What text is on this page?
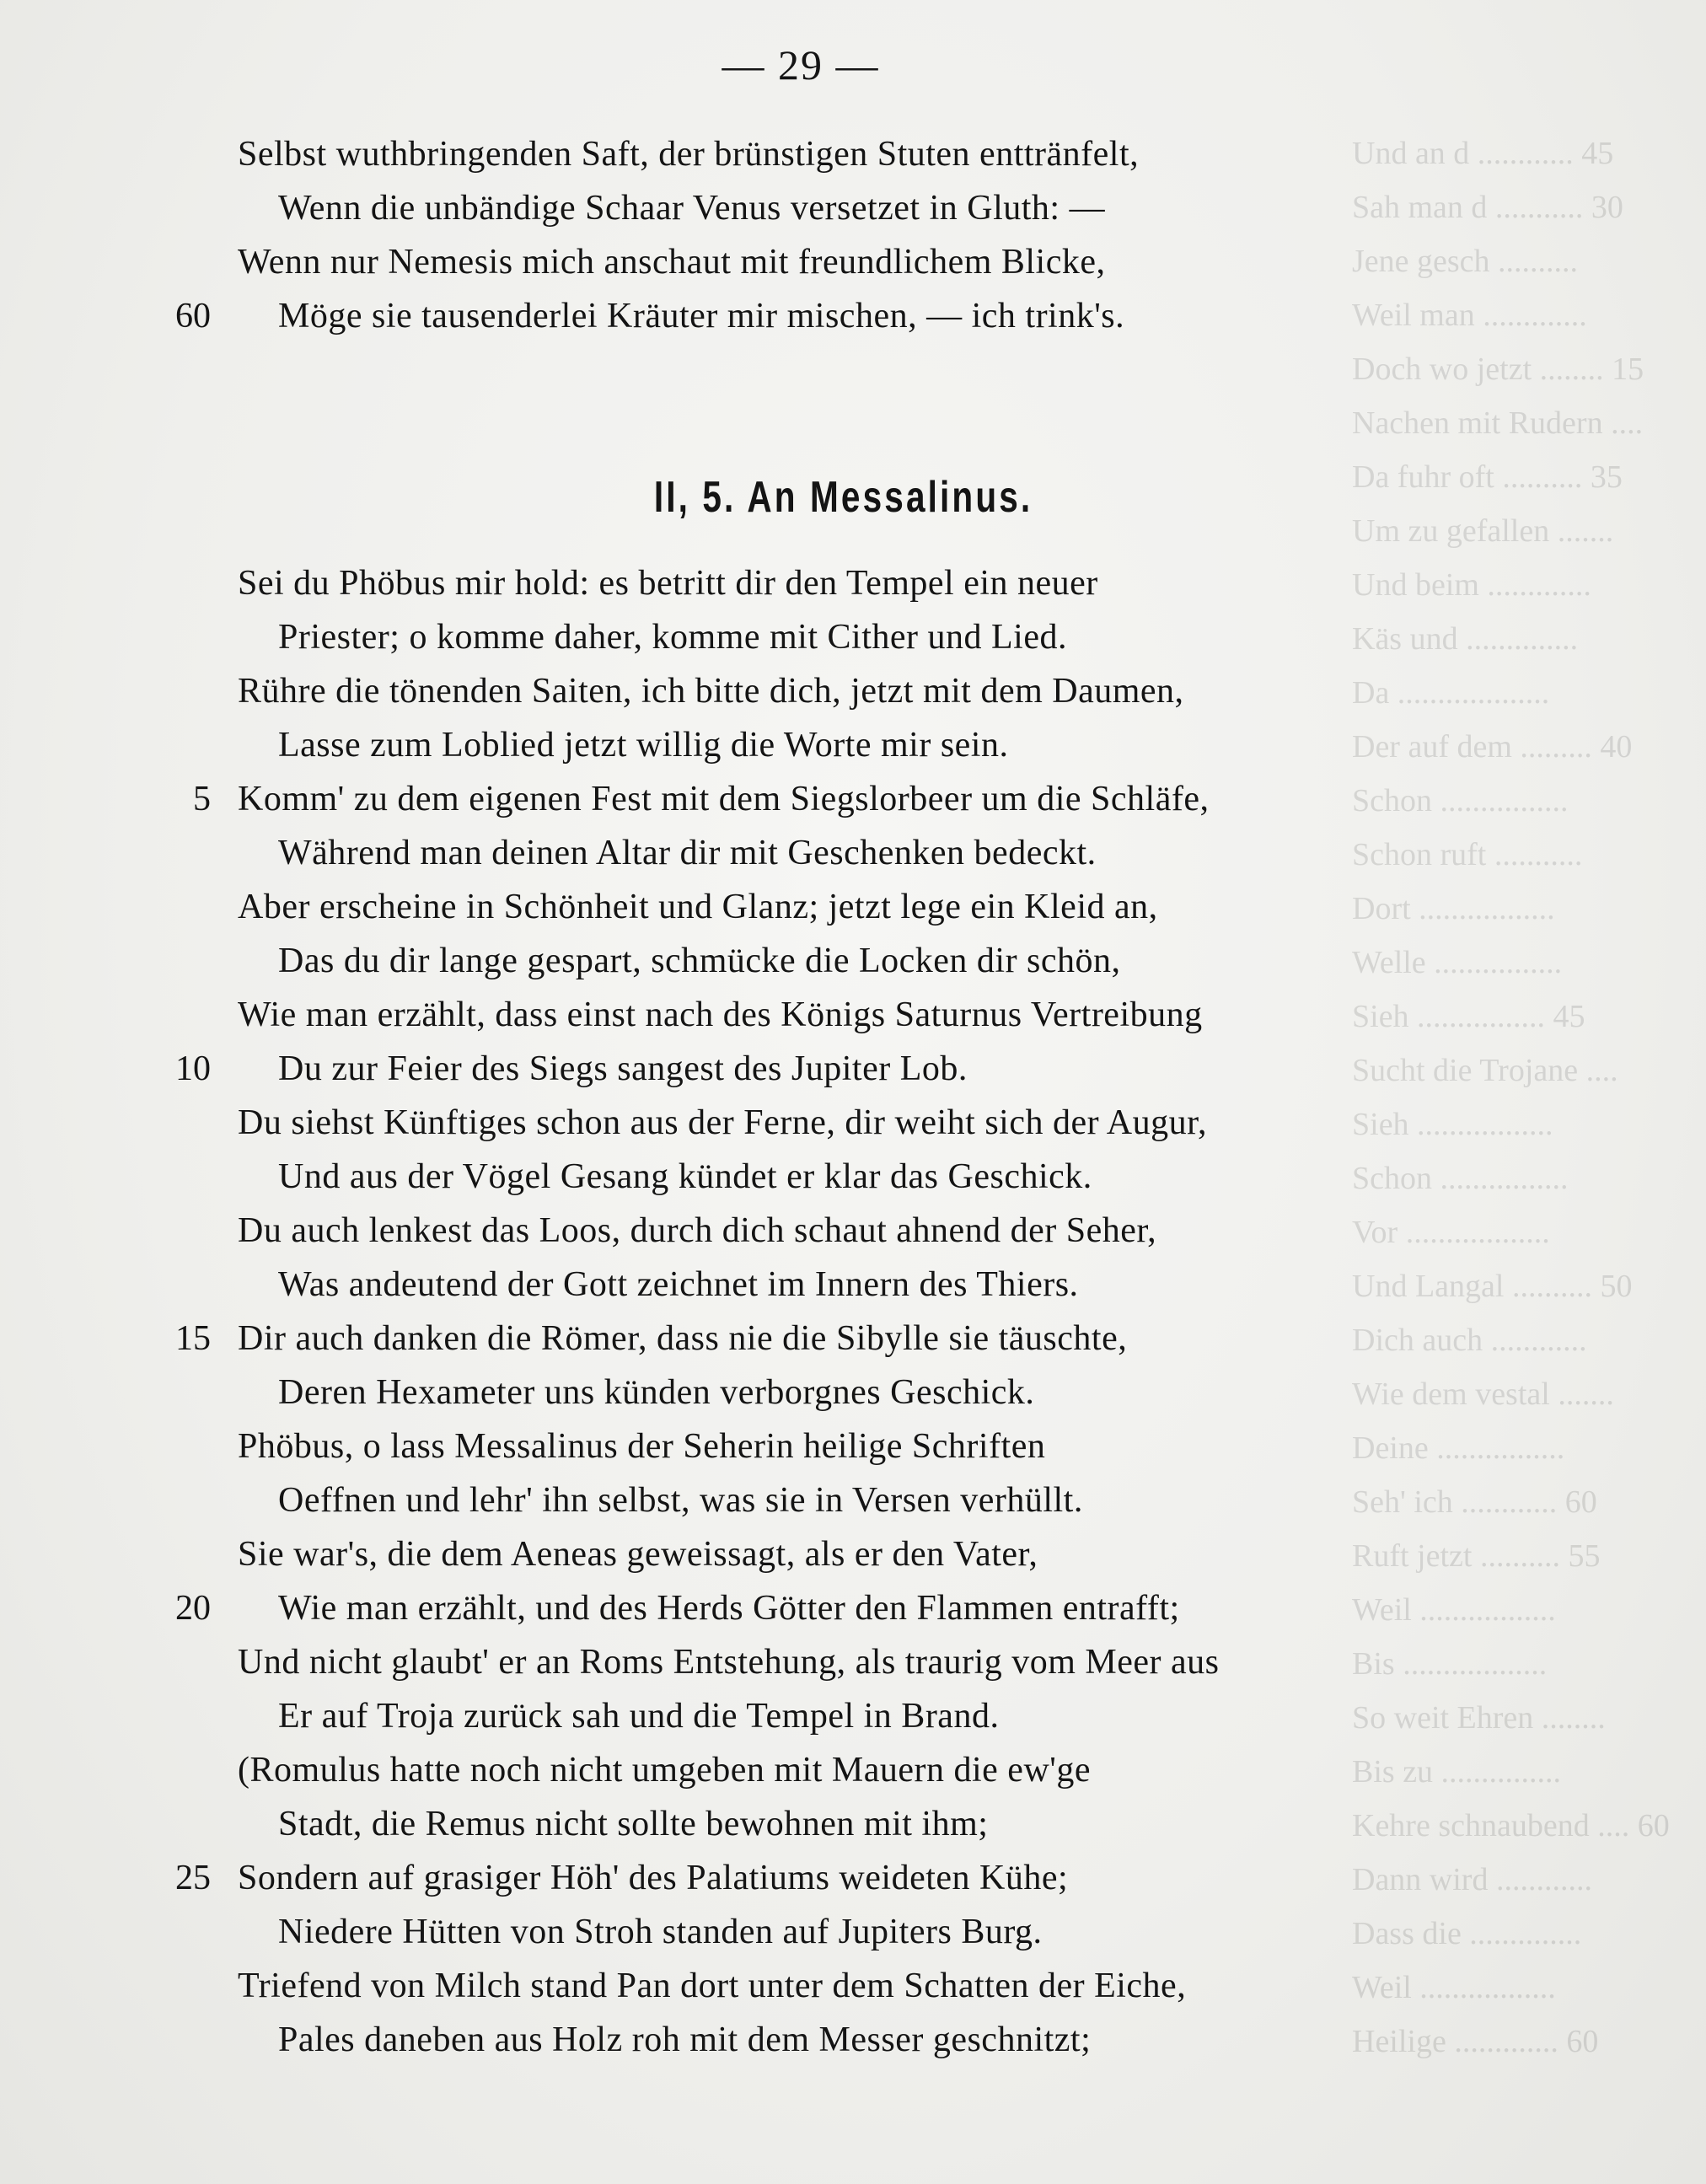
Und an d ............ 45
Sah man d ........... 30
Jene gesch ..........
Weil man .............
Doch wo jetzt ........ 15
Nachen mit Rudern ....
Da fuhr oft .......... 35
Um zu gefallen .......
Und beim .............
Käs und ..............
Da ...................
Der auf dem ......... 40
Schon ................
Schon ruft ...........
Dort .................
Welle ................
Sieh ................ 45
Sucht die Trojane ....
Sieh .................
Schon ................
Vor ..................
Und Langal .......... 50
Dich auch ............
Wie dem vestal .......
Deine ................
Seh' ich ............ 60
Ruft jetzt .......... 55
Weil .................
Bis ..................
So weit Ehren ........
Bis zu ...............
Kehre schnaubend .... 60
Dann wird ............
Dass die ..............
Weil .................
Heilige ............. 60
— 29 —
Selbst wuthbringenden Saft, der brünstigen Stuten enttränfelt,
Wenn die unbändige Schaar Venus versetzet in Gluth: —
Wenn nur Nemesis mich anschaut mit freundlichem Blicke,
Möge sie tausenderlei Kräuter mir mischen, — ich trink's.
60
Sei du Phöbus mir hold: es betritt dir den Tempel ein neuer
Priester; o komme daher, komme mit Cither und Lied.
Rühre die tönenden Saiten, ich bitte dich, jetzt mit dem Daumen,
Lasse zum Loblied jetzt willig die Worte mir sein.
Komm' zu dem eigenen Fest mit dem Siegslorbeer um die Schläfe,
5
Während man deinen Altar dir mit Geschenken bedeckt.
Aber erscheine in Schönheit und Glanz; jetzt lege ein Kleid an,
Das du dir lange gespart, schmücke die Locken dir schön,
Wie man erzählt, dass einst nach des Königs Saturnus Vertreibung
Du zur Feier des Siegs sangest des Jupiter Lob.
10
Du siehst Künftiges schon aus der Ferne, dir weiht sich der Augur,
Und aus der Vögel Gesang kündet er klar das Geschick.
Du auch lenkest das Loos, durch dich schaut ahnend der Seher,
Was andeutend der Gott zeichnet im Innern des Thiers.
Dir auch danken die Römer, dass nie die Sibylle sie täuschte,
15
Deren Hexameter uns künden verborgnes Geschick.
Phöbus, o lass Messalinus der Seherin heilige Schriften
Oeffnen und lehr' ihn selbst, was sie in Versen verhüllt.
Sie war's, die dem Aeneas geweissagt, als er den Vater,
Wie man erzählt, und des Herds Götter den Flammen entrafft;
20
Und nicht glaubt' er an Roms Entstehung, als traurig vom Meer aus
Er auf Troja zurück sah und die Tempel in Brand.
(Romulus hatte noch nicht umgeben mit Mauern die ew'ge
Stadt, die Remus nicht sollte bewohnen mit ihm;
Sondern auf grasiger Höh' des Palatiums weideten Kühe;
25
Niedere Hütten von Stroh standen auf Jupiters Burg.
Triefend von Milch stand Pan dort unter dem Schatten der Eiche,
Pales daneben aus Holz roh mit dem Messer geschnitzt;
II, 5. An Messalinus.
